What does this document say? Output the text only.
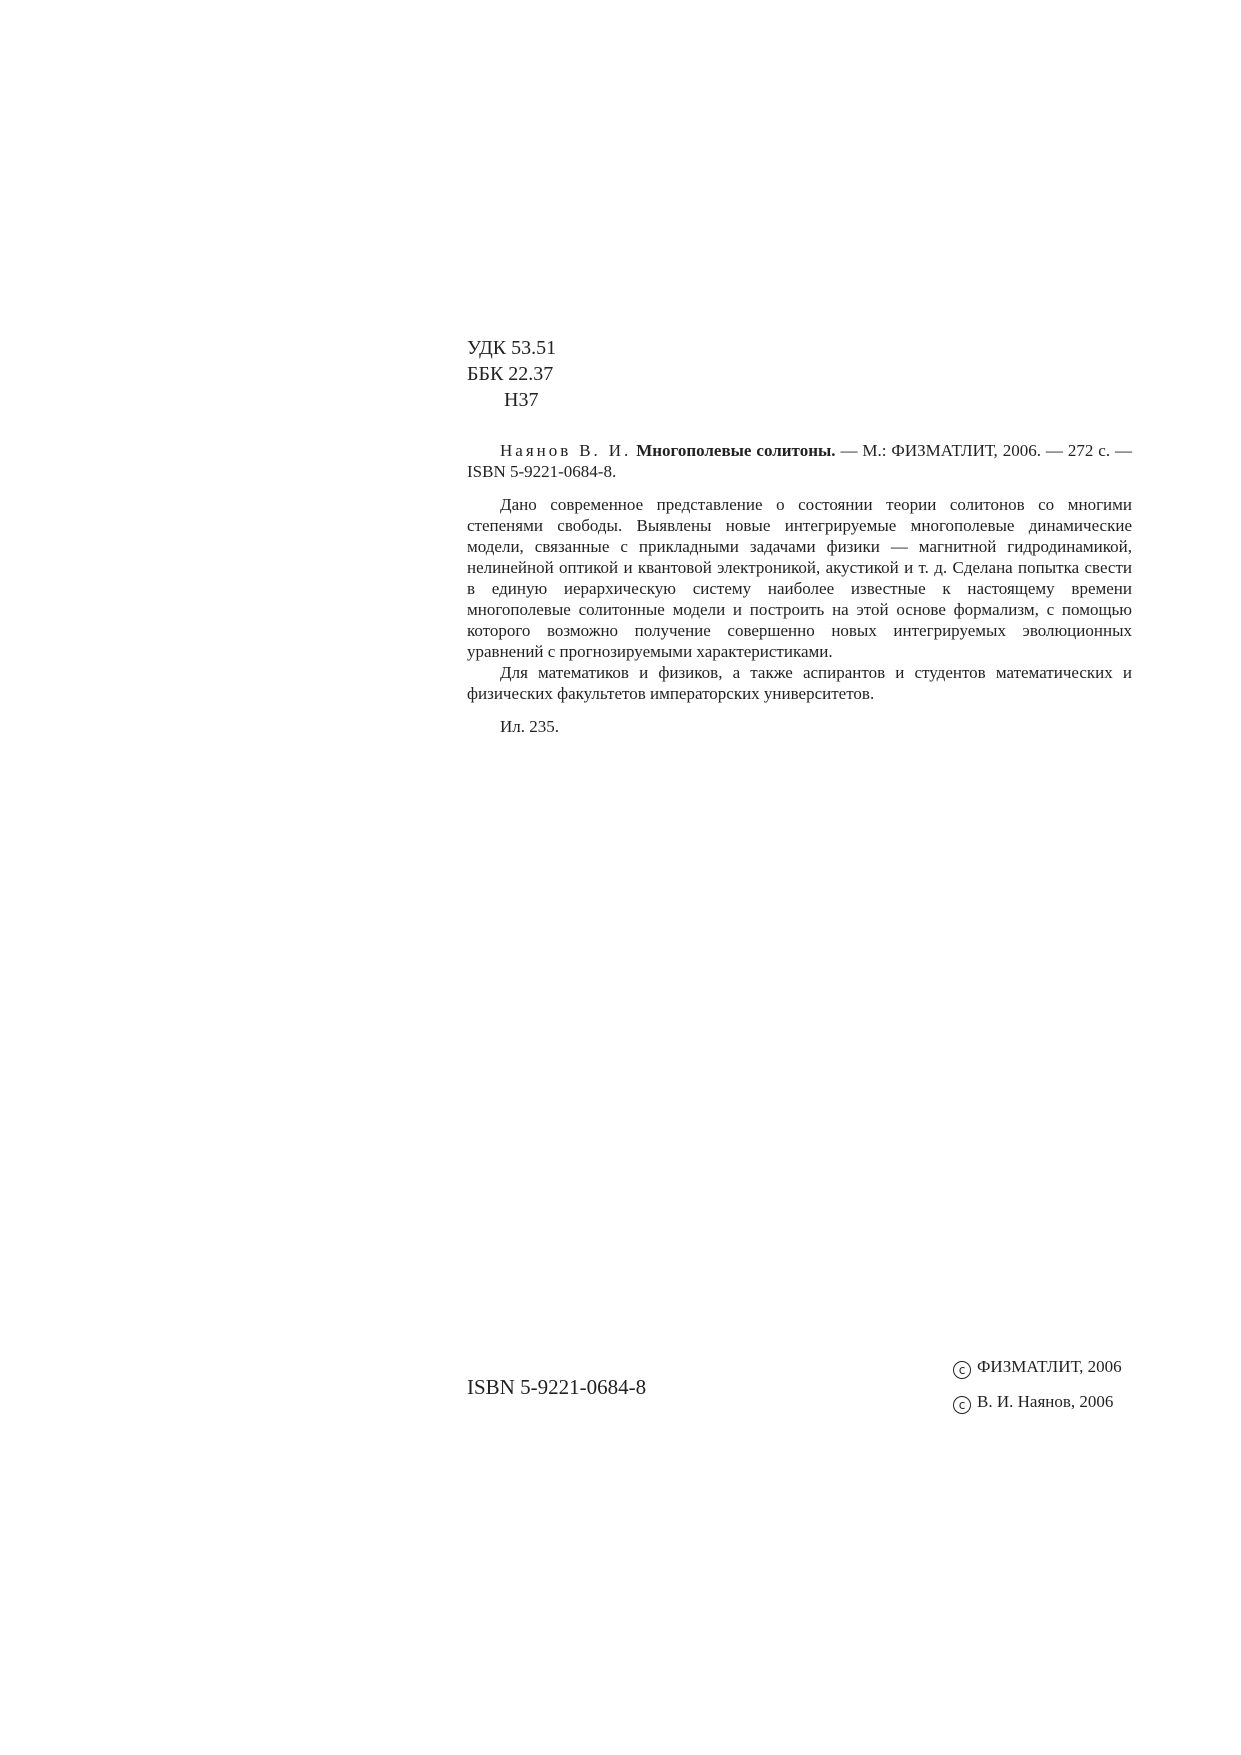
УДК 53.51
ББК 22.37
Н37

Наянов В. И. Многополевые солитоны. — М.: ФИЗМАТЛИТ, 2006. — 272 с. — ISBN 5-9221-0684-8.

Дано современное представление о состоянии теории солитонов со многими степенями свободы. Выявлены новые интегрируемые многополевые динамические модели, связанные с прикладными задачами физики — магнитной гидродинамикой, нелинейной оптикой и квантовой электроникой, акустикой и т. д. Сделана попытка свести в единую иерархическую систему наиболее известные к настоящему времени многополевые солитонные модели и построить на этой основе формализм, с помощью которого возможно получение совершенно новых интегрируемых эволюционных уравнений с прогнозируемыми характеристиками.

Для математиков и физиков, а также аспирантов и студентов математических и физических факультетов императорских университетов.

Ил. 235.

ISBN 5-9221-0684-8
c ФИЗМАТЛИТ, 2006
c В. И. Наянов, 2006
